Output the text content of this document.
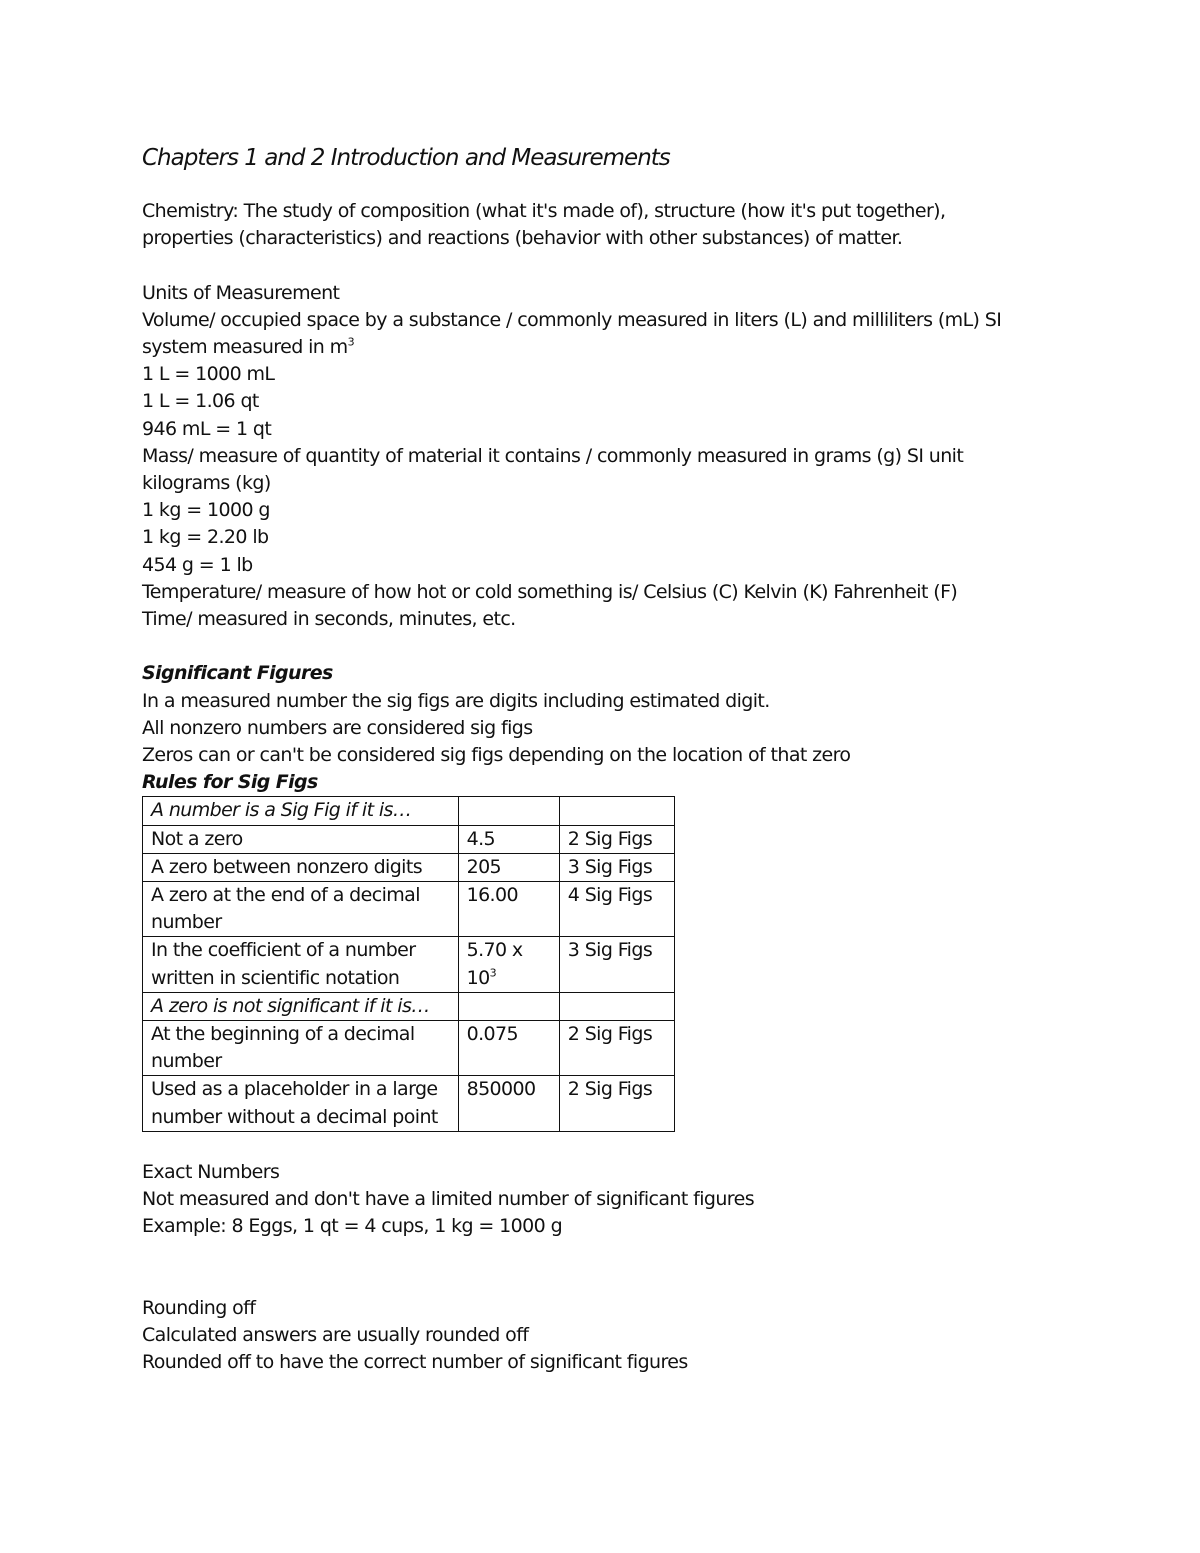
Chapters 1 and 2 Introduction and Measurements

Chemistry: The study of composition (what it's made of), structure (how it's put together),

properties (characteristics) and reactions (behavior with other substances) of matter.

Units of Measurement

Volume/ occupied space by a substance / commonly measured in liters (L) and milliliters (mL) SI

system measured in $m^3$

1 L = 1000 mL

1 L = 1.06 qt

946 mL = 1 qt

Mass/ measure of quantity of material it contains / commonly measured in grams (g) SI unit

kilograms (kg)

1 kg = 1000 g

1 kg = 2.20 lb

454 g = 1 lb

Temperature/ measure of how hot or cold something is/ Celsius (C) Kelvin (K) Fahrenheit (F)

Time/ measured in seconds, minutes, etc.

Significant Figures

In a measured number the sig figs are digits including estimated digit.

All nonzero numbers are considered sig figs

Zeros can or can't be considered sig figs depending on the location of that zero

Rules for Sig Figs

A number is a Sig Fig if it is…		
Not a zero	4.5	2 Sig Figs
A zero between nonzero digits	205	3 Sig Figs
A zero at the end of a decimal number	16.00	4 Sig Figs
In the coefficient of a number written in scientific notation	5.70 x $10^3$	3 Sig Figs
A zero is not significant if it is…		
At the beginning of a decimal number	0.075	2 Sig Figs
Used as a placeholder in a large number without a decimal point	850000	2 Sig Figs

Exact Numbers

Not measured and don't have a limited number of significant figures

Example: 8 Eggs, 1 qt = 4 cups, 1 kg = 1000 g

Rounding off

Calculated answers are usually rounded off

Rounded off to have the correct number of significant figures
